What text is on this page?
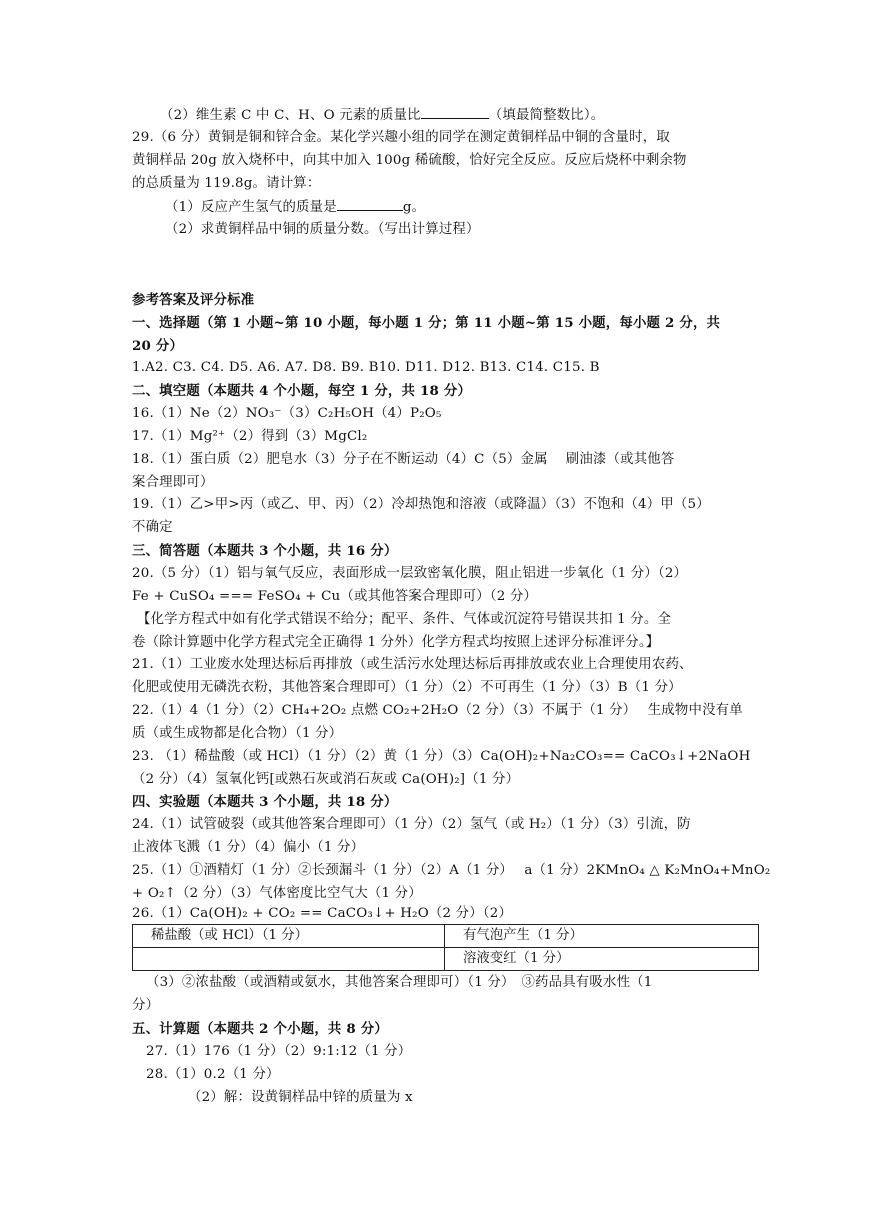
（2）维生素 C 中 C、H、O 元素的质量比	（填最简整数比）。
29.（6 分）黄铜是铜和锌合金。某化学兴趣小组的同学在测定黄铜样品中铜的含量时，取
黄铜样品 20g 放入烧杯中，向其中加入 100g 稀硫酸，恰好完全反应。反应后烧杯中剩余物
的总质量为 119.8g。请计算：
（1）反应产生氢气的质量是	g。
（2）求黄铜样品中铜的质量分数。（写出计算过程）
参考答案及评分标准
一、选择题（第 1 小题~第 10 小题，每小题 1 分；第 11 小题~第 15 小题，每小题 2 分，共
20 分）
1.A2. C3. C4. D5. A6. A7. D8. B9. B10. D11. D12. B13. C14. C15. B
二、填空题（本题共 4 个小题，每空 1 分，共 18 分）
16.（1）Ne（2）NO₃⁻（3）C₂H₅OH（4）P₂O₅
17.（1）Mg²⁺（2）得到（3）MgCl₂
18.（1）蛋白质（2）肥皂水（3）分子在不断运动（4）C（5）金属　 刷油漆（或其他答
案合理即可）
19.（1）乙>甲>丙（或乙、甲、丙）（2）冷却热饱和溶液（或降温）（3）不饱和（4）甲（5）
不确定
三、简答题（本题共 3 个小题，共 16 分）
20.（5 分）（1）铝与氧气反应，表面形成一层致密氧化膜，阻止铝进一步氧化（1 分）（2）
Fe + CuSO₄ === FeSO₄ + Cu（或其他答案合理即可）（2 分）
【化学方程式中如有化学式错误不给分；配平、条件、气体或沉淀符号错误共扣 1 分。全
卷（除计算题中化学方程式完全正确得 1 分外）化学方程式均按照上述评分标准评分。】
21.（1）工业废水处理达标后再排放（或生活污水处理达标后再排放或农业上合理使用农药、
化肥或使用无磷洗衣粉，其他答案合理即可）（1 分）（2）不可再生（1 分）（3）B（1 分）
22.（1）4（1 分）（2）CH₄+2O₂ 点燃 CO₂+2H₂O（2 分）（3）不属于（1 分）　 生成物中没有单
质（或生成物都是化合物）（1 分）
23. （1）稀盐酸（或 HCl）（1 分）（2）黄（1 分）（3）Ca(OH)₂+Na₂CO₃== CaCO₃↓+2NaOH
（2 分）（4）氢氧化钙[或熟石灰或消石灰或 Ca(OH)₂]（1 分）
四、实验题（本题共 3 个小题，共 18 分）
24.（1）试管破裂（或其他答案合理即可）（1 分）（2）氢气（或 H₂）（1 分）（3）引流，防
止液体飞溅（1 分）（4）偏小（1 分）
25.（1）①酒精灯（1 分）②长颈漏斗（1 分）（2）A（1 分）　 a（1 分）2KMnO₄ △ K₂MnO₄+MnO₂
+ O₂↑（2 分）（3）气体密度比空气大（1 分）
26.（1）Ca(OH)₂ + CO₂ == CaCO₃↓+ H₂O（2 分）（2）
稀盐酸（或 HCl）（1 分）	有气泡产生（1 分）
	溶液变红（1 分）
（3）②浓盐酸（或酒精或氨水，其他答案合理即可）（1 分）　③药品具有吸水性（1
分）
五、计算题（本题共 2 个小题，共 8 分）
27.（1）176（1 分）（2）9:1:12（1 分）
28.（1）0.2（1 分）
（2）解：设黄铜样品中锌的质量为 x
